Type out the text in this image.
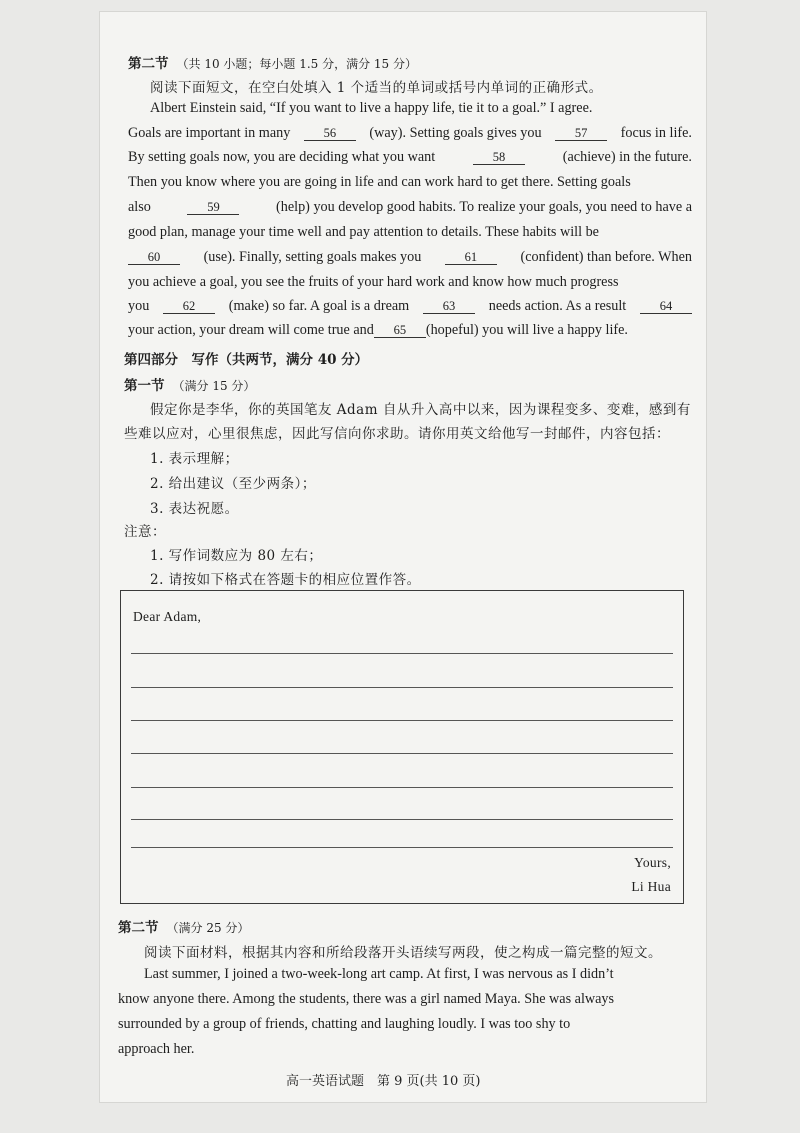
第二节 （共 10 小题；每小题 1.5 分，满分 15 分）
阅读下面短文，在空白处填入 1 个适当的单词或括号内单词的正确形式。
Albert Einstein said, “If you want to live a happy life, tie it to a goal.” I agree.
Goals are important in many	56	(way). Setting goals gives you	57	focus in life.
By setting goals now, you are deciding what you want	58	(achieve) in the future.
Then you know where you are going in life and can work hard to get there. Setting goals
also	59	(help) you develop good habits. To realize your goals, you need to have a
good plan, manage your time well and pay attention to details. These habits will be
60	(use). Finally, setting goals makes you	61	(confident) than before. When
you achieve a goal, you see the fruits of your hard work and know how much progress
you	62	(make) so far. A goal is a dream	63	needs action. As a result	64
your action, your dream will come true and	65	(hopeful) you will live a happy life.
第四部分　写作（共两节，满分 40 分）
第一节 （满分 15 分）
假定你是李华，你的英国笔友 Adam 自从升入高中以来，因为课程变多、变难，感到有
些难以应对，心里很焦虑，因此写信向你求助。请你用英文给他写一封邮件，内容包括：
1. 表示理解；
2. 给出建议（至少两条）；
3. 表达祝愿。
注意：
1. 写作词数应为 80 左右；
2. 请按如下格式在答题卡的相应位置作答。
Dear Adam,
Yours,
Li Hua
第二节 （满分 25 分）
阅读下面材料，根据其内容和所给段落开头语续写两段，使之构成一篇完整的短文。
Last summer, I joined a two-week-long art camp. At first, I was nervous as I didn’t
know anyone there. Among the students, there was a girl named Maya. She was always
surrounded by a group of friends, chatting and laughing loudly. I was too shy to
approach her.
高一英语试题　第 9 页(共 10 页)
